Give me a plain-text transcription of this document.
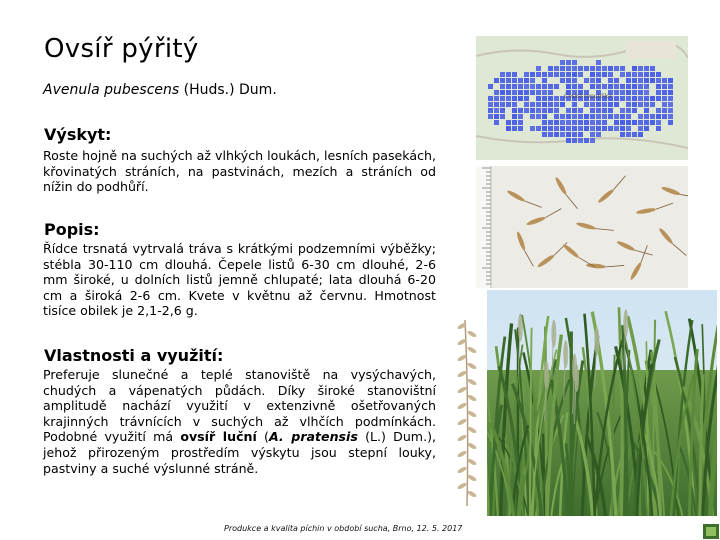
Ovsíř pýřitý
Avenula pubescens (Huds.) Dum.
Výskyt:
Roste hojně na suchých až vlhkých loukách, lesních pasekách, křovinatých stráních, na pastvinách, mezích a stráních od nížin do podhůří.
Popis:
Řídce trsnatá vytrvalá tráva s krátkými podzemními výběžky; stébla 30-110 cm dlouhá. Čepele listů 6-30 cm dlouhé, 2-6 mm široké, u dolních listů jemně chlupaté; lata dlouhá 6-20 cm a široká 2-6 cm. Kvete v květnu až červnu. Hmotnost tisíce obilek je 2,1-2,6 g.
Vlastnosti a využití:
Preferuje slunečné a teplé stanoviště na vysýchavých, chudých a vápenatých půdách. Díky široké stanovištní amplitudě nachází využití v extenzivně ošetřovaných krajinných trávnících v suchých až vlhčích podmínkách. Podobné využití má ovsíř luční (A. pratensis (L.) Dum.), jehož přirozeným prostředím výskytu jsou stepní louky, pastviny a suché výslunné stráně.
Česká republika
Produkce a kvalita píchin v období sucha, Brno, 12. 5. 2017
